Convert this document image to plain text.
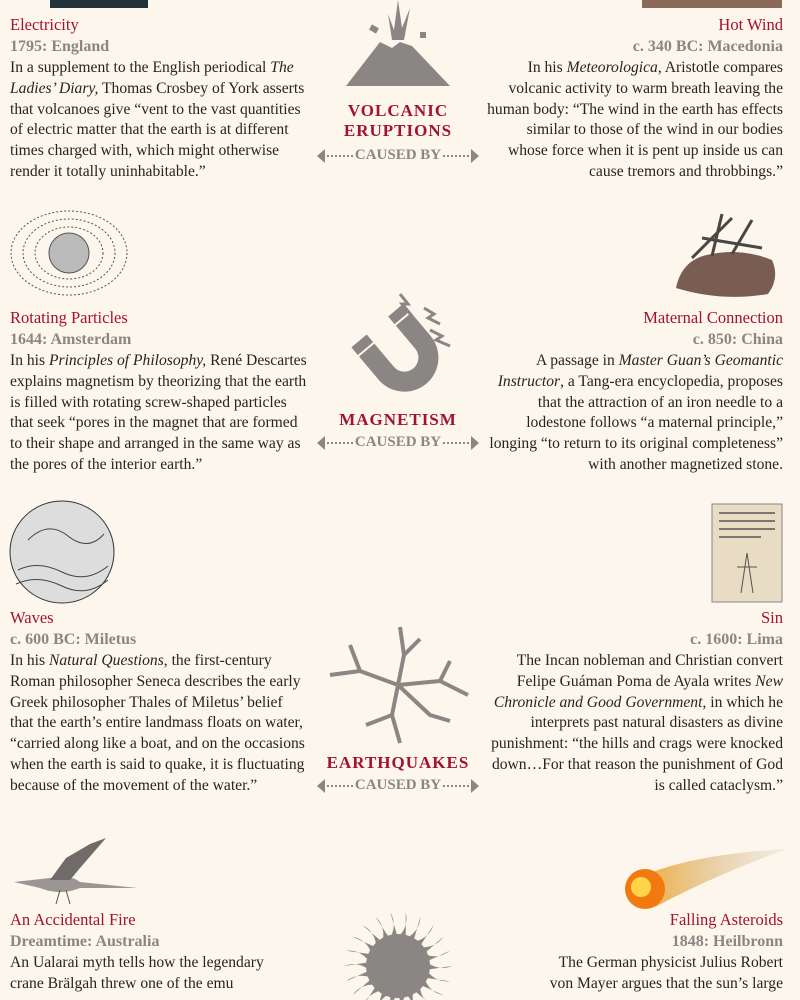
Electricity
1795: England
In a supplement to the English periodical The Ladies’ Diary, Thomas Crosbey of York asserts that volcanoes give “vent to the vast quantities of electric matter that the earth is at different times charged with, which might otherwise render it totally uninhabitable.”
Hot Wind
c. 340 BC: Macedonia
In his Meteorologica, Aristotle compares volcanic activity to warm breath leaving the human body: “The wind in the earth has effects similar to those of the wind in our bodies whose force when it is pent up inside us can cause tremors and throbbings.”
VOLCANIC ERUPTIONS
CAUSED BY
Rotating Particles
1644: Amsterdam
In his Principles of Philosophy, René Descartes explains magnetism by theorizing that the earth is filled with rotating screw-shaped particles that seek “pores in the magnet that are formed to their shape and arranged in the same way as the pores of the interior earth.”
Maternal Connection
c. 850: China
A passage in Master Guan’s Geomantic Instructor, a Tang-era encyclopedia, proposes that the attraction of an iron needle to a lodestone follows “a maternal principle,” longing “to return to its original completeness” with another magnetized stone.
MAGNETISM
CAUSED BY
Waves
c. 600 BC: Miletus
In his Natural Questions, the first-century Roman philosopher Seneca describes the early Greek philosopher Thales of Miletus’ belief that the earth’s entire landmass floats on water, “carried along like a boat, and on the occasions when the earth is said to quake, it is fluctuating because of the movement of the water.”
Sin
c. 1600: Lima
The Incan nobleman and Christian convert Felipe Guáman Poma de Ayala writes New Chronicle and Good Government, in which he interprets past natural disasters as divine punishment: “the hills and crags were knocked down…For that reason the punishment of God is called cataclysm.”
EARTHQUAKES
CAUSED BY
An Accidental Fire
Dreamtime: Australia
An Ualarai myth tells how the legendary crane Brälgah threw one of the emu
Falling Asteroids
1848: Heilbronn
The German physicist Julius Robert von Mayer argues that the sun’s large
